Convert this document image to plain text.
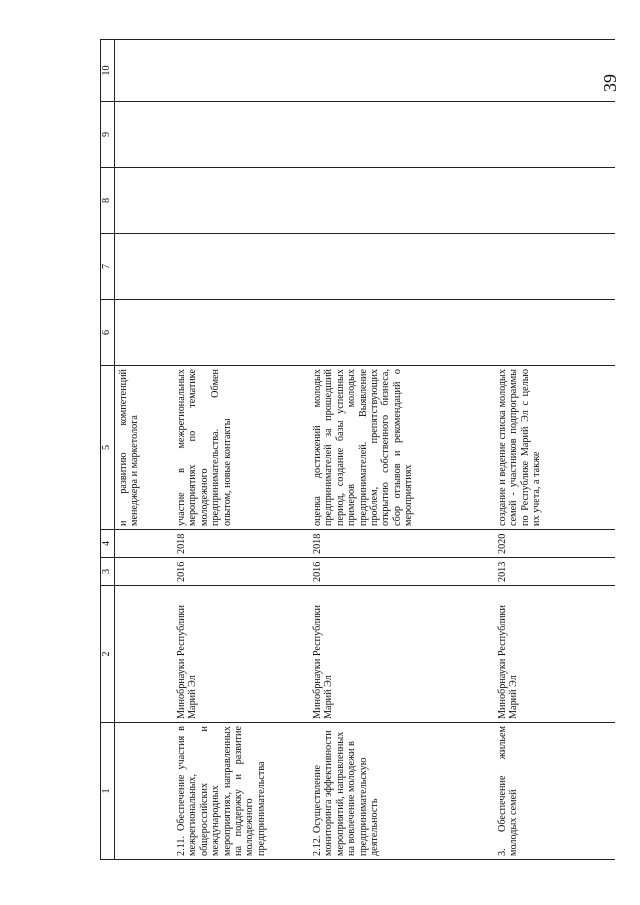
39
1	2	3	4	5	6	7	8	9	10
				и развитию компетенций менеджера и маркетолога					
2.11. Обеспечение участия в межрегиональных, общероссийских и международных мероприятиях, направленных на поддержку и развитие молодежного предпринимательства	Минобрнауки Республики Марий Эл	2016	2018	участие в межрегиональных мероприятиях по тематике молодежного предпринимательства. Обмен опытом, новые контакты					
2.12. Осуществление мониторинга эффективности мероприятий, направленных на вовлечение молодежи в предпринимательскую деятельность	Минобрнауки Республики Марий Эл	2016	2018	оценка достижений молодых предпринимателей за прошедший период, создание базы успешных примеров молодых предпринимателей. Выявление проблем, препятствующих открытию собственного бизнеса, сбор отзывов и рекомендаций о мероприятиях					
3. Обеспечение жильем молодых семей	Минобрнауки Республики Марий Эл	2013	2020	создание и ведение списка молодых семей - участников подпрограммы по Республике Марий Эл с целью их учета, а также					
